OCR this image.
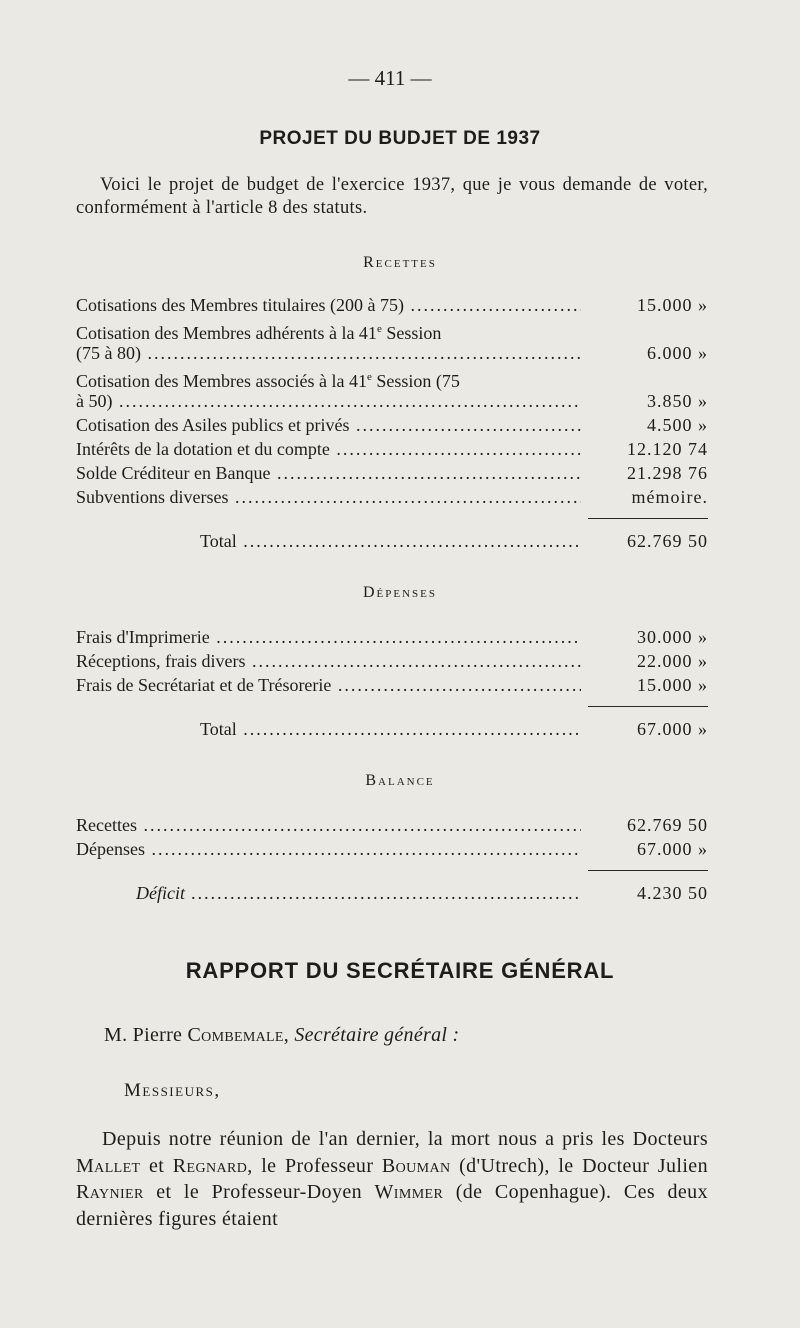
— 411 —
PROJET DU BUDJET DE 1937
Voici le projet de budget de l'exercice 1937, que je vous demande de voter, conformément à l'article 8 des statuts.
Recettes
Cotisations des Membres titulaires (200 à 75) .....	15.000 »
Cotisation des Membres adhérents à la 41e Session
(75 à 80) .....	6.000 »
Cotisation des Membres associés à la 41e Session (75
à 50) .....	3.850 »
Cotisation des Asiles publics et privés .....	4.500 »
Intérêts de la dotation et du compte .....	12.120 74
Solde Créditeur en Banque .....	21.298 76
Subventions diverses .....	mémoire.
Total .....	62.769 50
Dépenses
Frais d'Imprimerie .....	30.000 »
Réceptions, frais divers .....	22.000 »
Frais de Secrétariat et de Trésorerie .....	15.000 »
Total .....	67.000 »
Balance
Recettes .....	62.769 50
Dépenses .....	67.000 »
Déficit .....	4.230 50
RAPPORT DU SECRÉTAIRE GÉNÉRAL
M. Pierre Combemale, Secrétaire général :
Messieurs,
Depuis notre réunion de l'an dernier, la mort nous a pris les Docteurs Mallet et Regnard, le Professeur Bouman (d'Utrech), le Docteur Julien Raynier et le Professeur-Doyen Wimmer (de Copenhague). Ces deux dernières figures étaient
